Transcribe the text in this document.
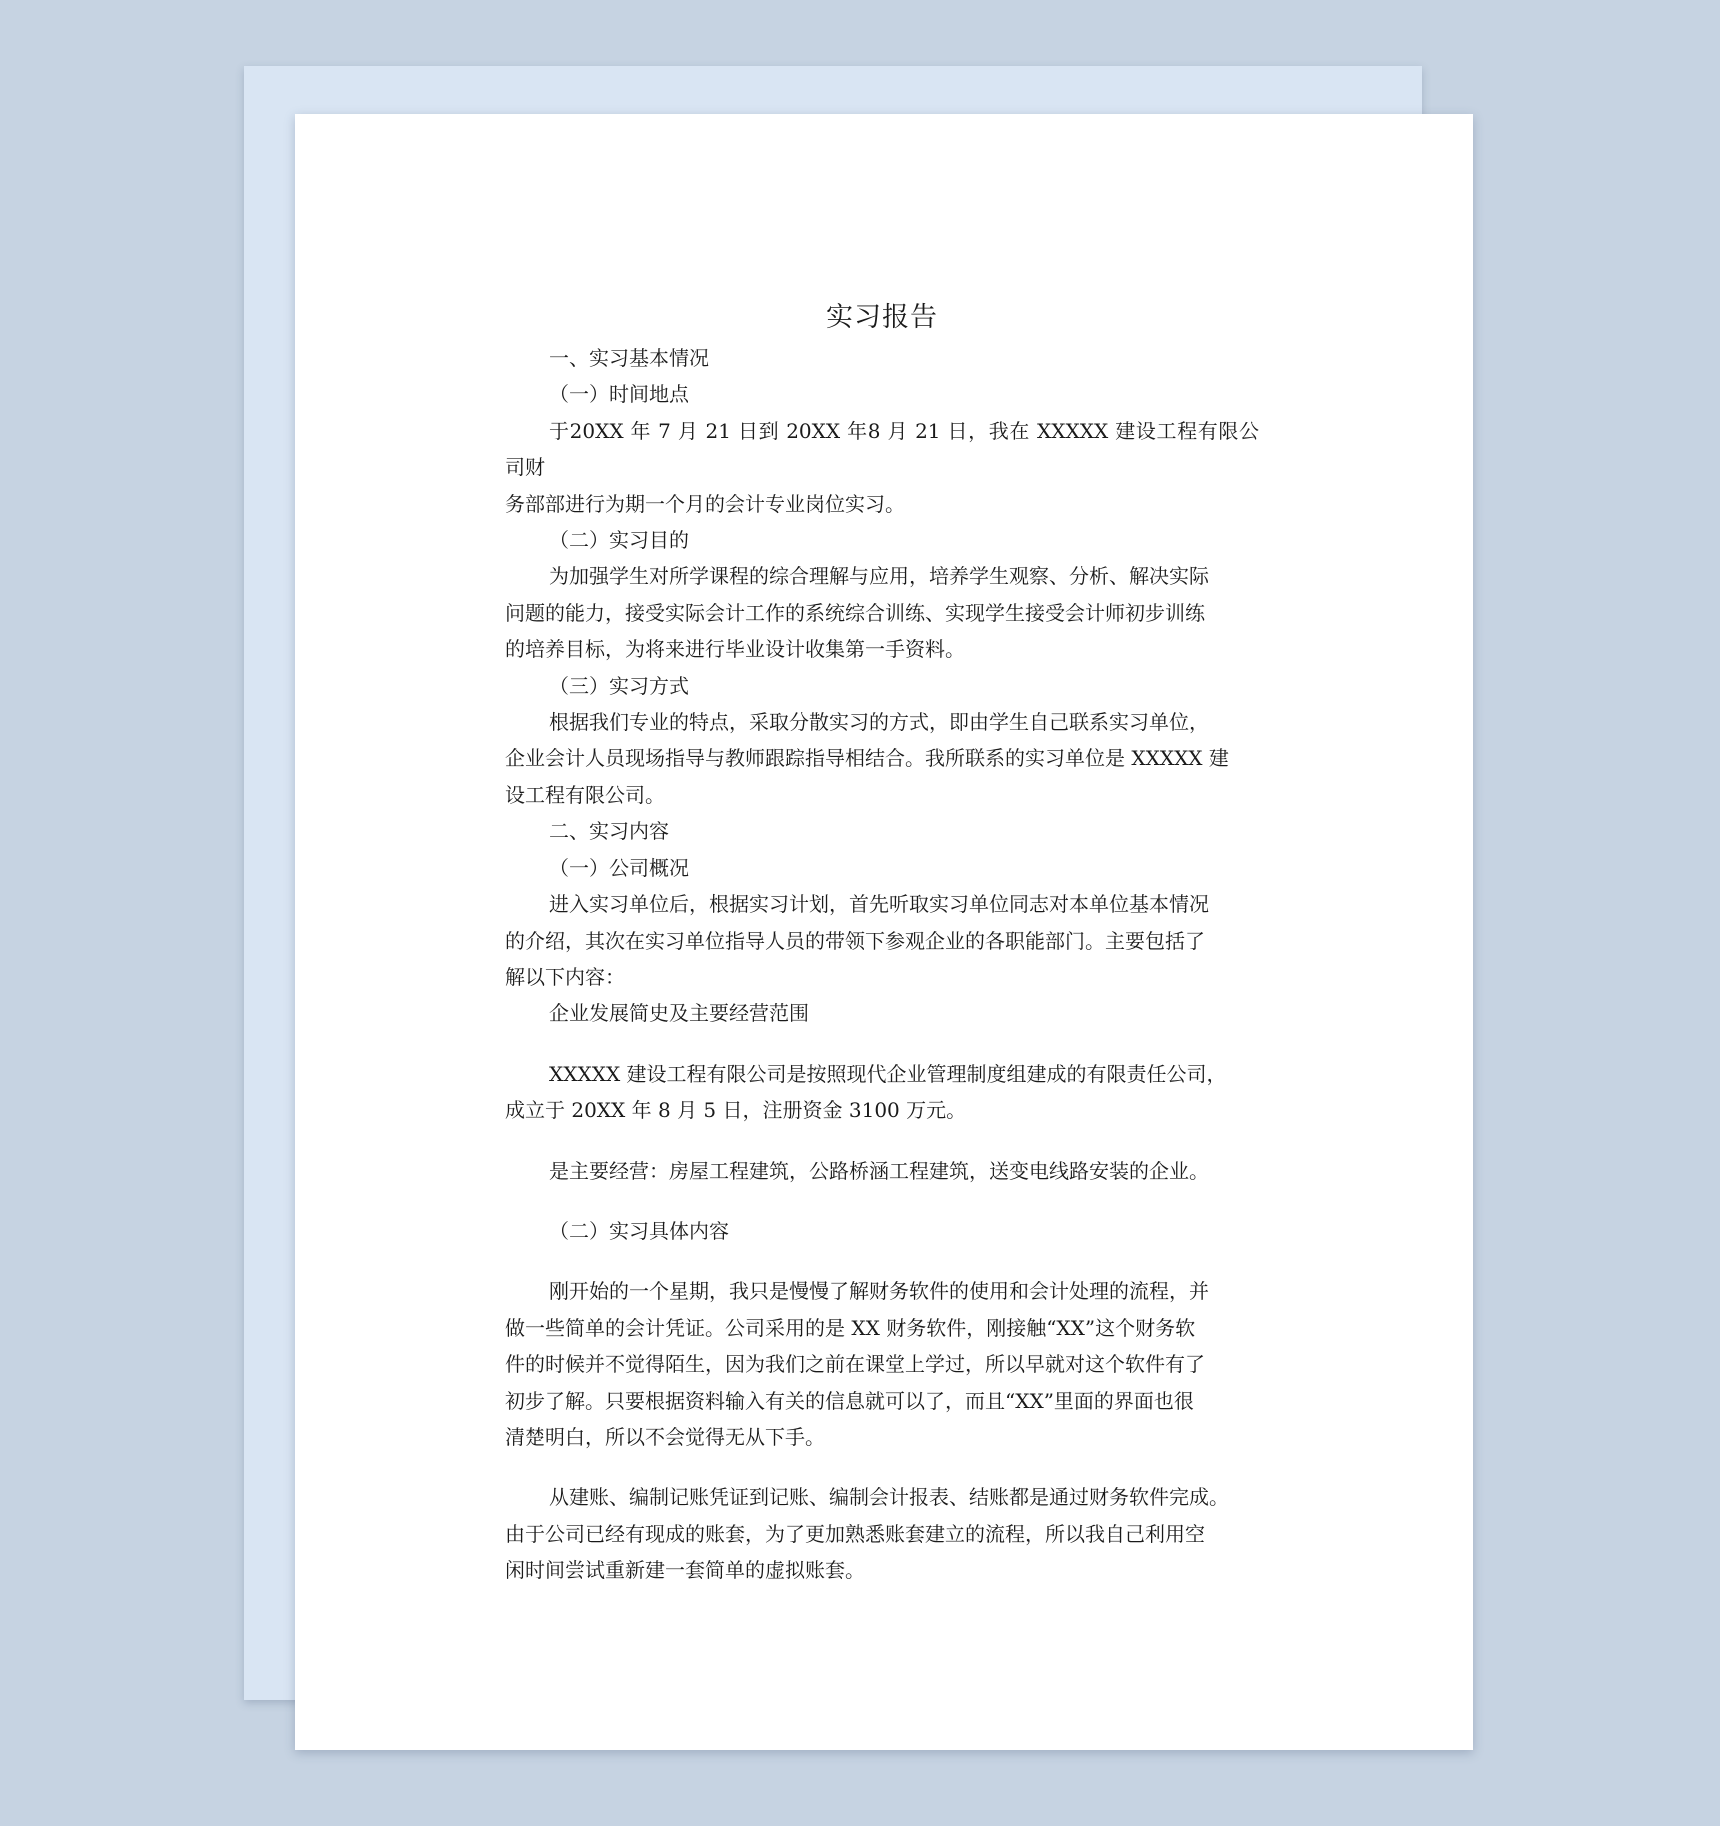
实习报告

一、实习基本情况

（一）时间地点

于20XX 年 7 月 21 日到 20XX 年8 月 21 日，我在 XXXXX 建设工程有限公司财

务部部进行为期一个月的会计专业岗位实习。

（二）实习目的

为加强学生对所学课程的综合理解与应用，培养学生观察、分析、解决实际

问题的能力，接受实际会计工作的系统综合训练、实现学生接受会计师初步训练

的培养目标，为将来进行毕业设计收集第一手资料。

（三）实习方式

根据我们专业的特点，采取分散实习的方式，即由学生自己联系实习单位，

企业会计人员现场指导与教师跟踪指导相结合。我所联系的实习单位是 XXXXX 建

设工程有限公司。

二、实习内容

（一）公司概况

进入实习单位后，根据实习计划，首先听取实习单位同志对本单位基本情况

的介绍，其次在实习单位指导人员的带领下参观企业的各职能部门。主要包括了

解以下内容：

企业发展简史及主要经营范围

XXXXX 建设工程有限公司是按照现代企业管理制度组建成的有限责任公司，

成立于 20XX 年 8 月 5 日，注册资金 3100 万元。

是主要经营：房屋工程建筑，公路桥涵工程建筑，送变电线路安装的企业。

（二）实习具体内容

刚开始的一个星期，我只是慢慢了解财务软件的使用和会计处理的流程，并

做一些简单的会计凭证。公司采用的是 XX 财务软件，刚接触“XX”这个财务软

件的时候并不觉得陌生，因为我们之前在课堂上学过，所以早就对这个软件有了

初步了解。只要根据资料输入有关的信息就可以了，而且“XX”里面的界面也很

清楚明白，所以不会觉得无从下手。

从建账、编制记账凭证到记账、编制会计报表、结账都是通过财务软件完成。

由于公司已经有现成的账套，为了更加熟悉账套建立的流程，所以我自己利用空

闲时间尝试重新建一套简单的虚拟账套。
